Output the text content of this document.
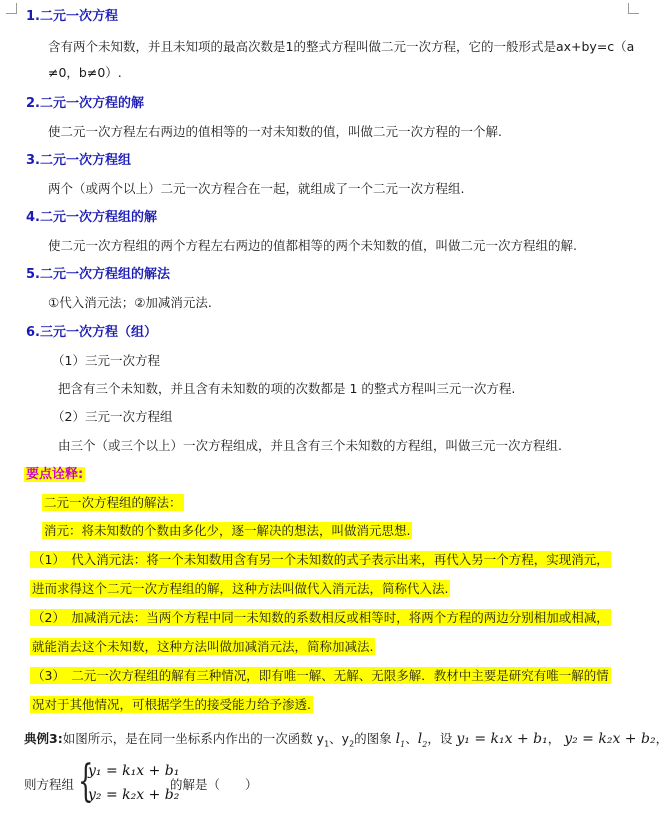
1.二元一次方程
含有两个未知数，并且未知项的最高次数是1的整式方程叫做二元一次方程，它的一般形式是ax+by=c（a
≠0，b≠0）.
2.二元一次方程的解
使二元一次方程左右两边的值相等的一对未知数的值，叫做二元一次方程的一个解.
3.二元一次方程组
两个（或两个以上）二元一次方程合在一起，就组成了一个二元一次方程组.
4.二元一次方程组的解
使二元一次方程组的两个方程左右两边的值都相等的两个未知数的值，叫做二元一次方程组的解.
5.二元一次方程组的解法
①代入消元法；②加减消元法.
6.三元一次方程（组）
（1）三元一次方程
把含有三个未知数，并且含有未知数的项的次数都是 1 的整式方程叫三元一次方程.
（2）三元一次方程组
由三个（或三个以上）一次方程组成，并且含有三个未知数的方程组，叫做三元一次方程组.
要点诠释:
二元一次方程组的解法：
消元：将未知数的个数由多化少，逐一解决的想法，叫做消元思想.
（1）　代入消元法：将一个未知数用含有另一个未知数的式子表示出来，再代入另一个方程，实现消元，
进而求得这个二元一次方程组的解，这种方法叫做代入消元法，简称代入法.
（2）　加减消元法：当两个方程中同一未知数的系数相反或相等时，将两个方程的两边分别相加或相减，
就能消去这个未知数，这种方法叫做加减消元法，简称加减法.
（3）　二元一次方程组的解有三种情况，即有唯一解、无解、无限多解．教材中主要是研究有唯一解的情
况对于其他情况，可根据学生的接受能力给予渗透.
典例3:如图所示，是在同一坐标系内作出的一次函数 $y_1$、$y_2$的图象 $l_1$、$l_2$，设 y₁ = k₁x + b₁， y₂ = k₂x + b₂，
则方程组 {
y₁ = k₁x + b₁
y₂ = k₂x + b₂
的解是（　　）
